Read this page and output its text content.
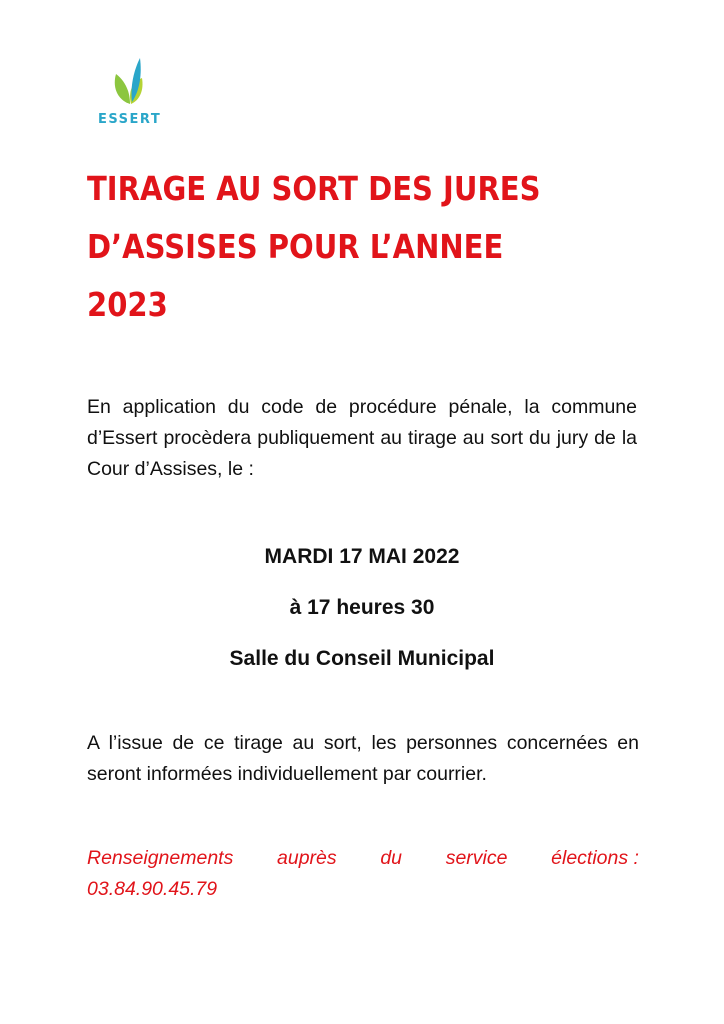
ESSERT
TIRAGE AU SORT DES JURES
D’ASSISES POUR L’ANNEE
2023

En application du code de procédure pénale, la commune d’Essert procèdera publiquement au tirage au sort du jury de la Cour d’Assises, le :

MARDI 17 MAI 2022

à 17 heures 30

Salle du Conseil Municipal

A l’issue de ce tirage au sort, les personnes concernées en seront informées individuellement par courrier.

Renseignements auprès du service élections :
03.84.90.45.79
